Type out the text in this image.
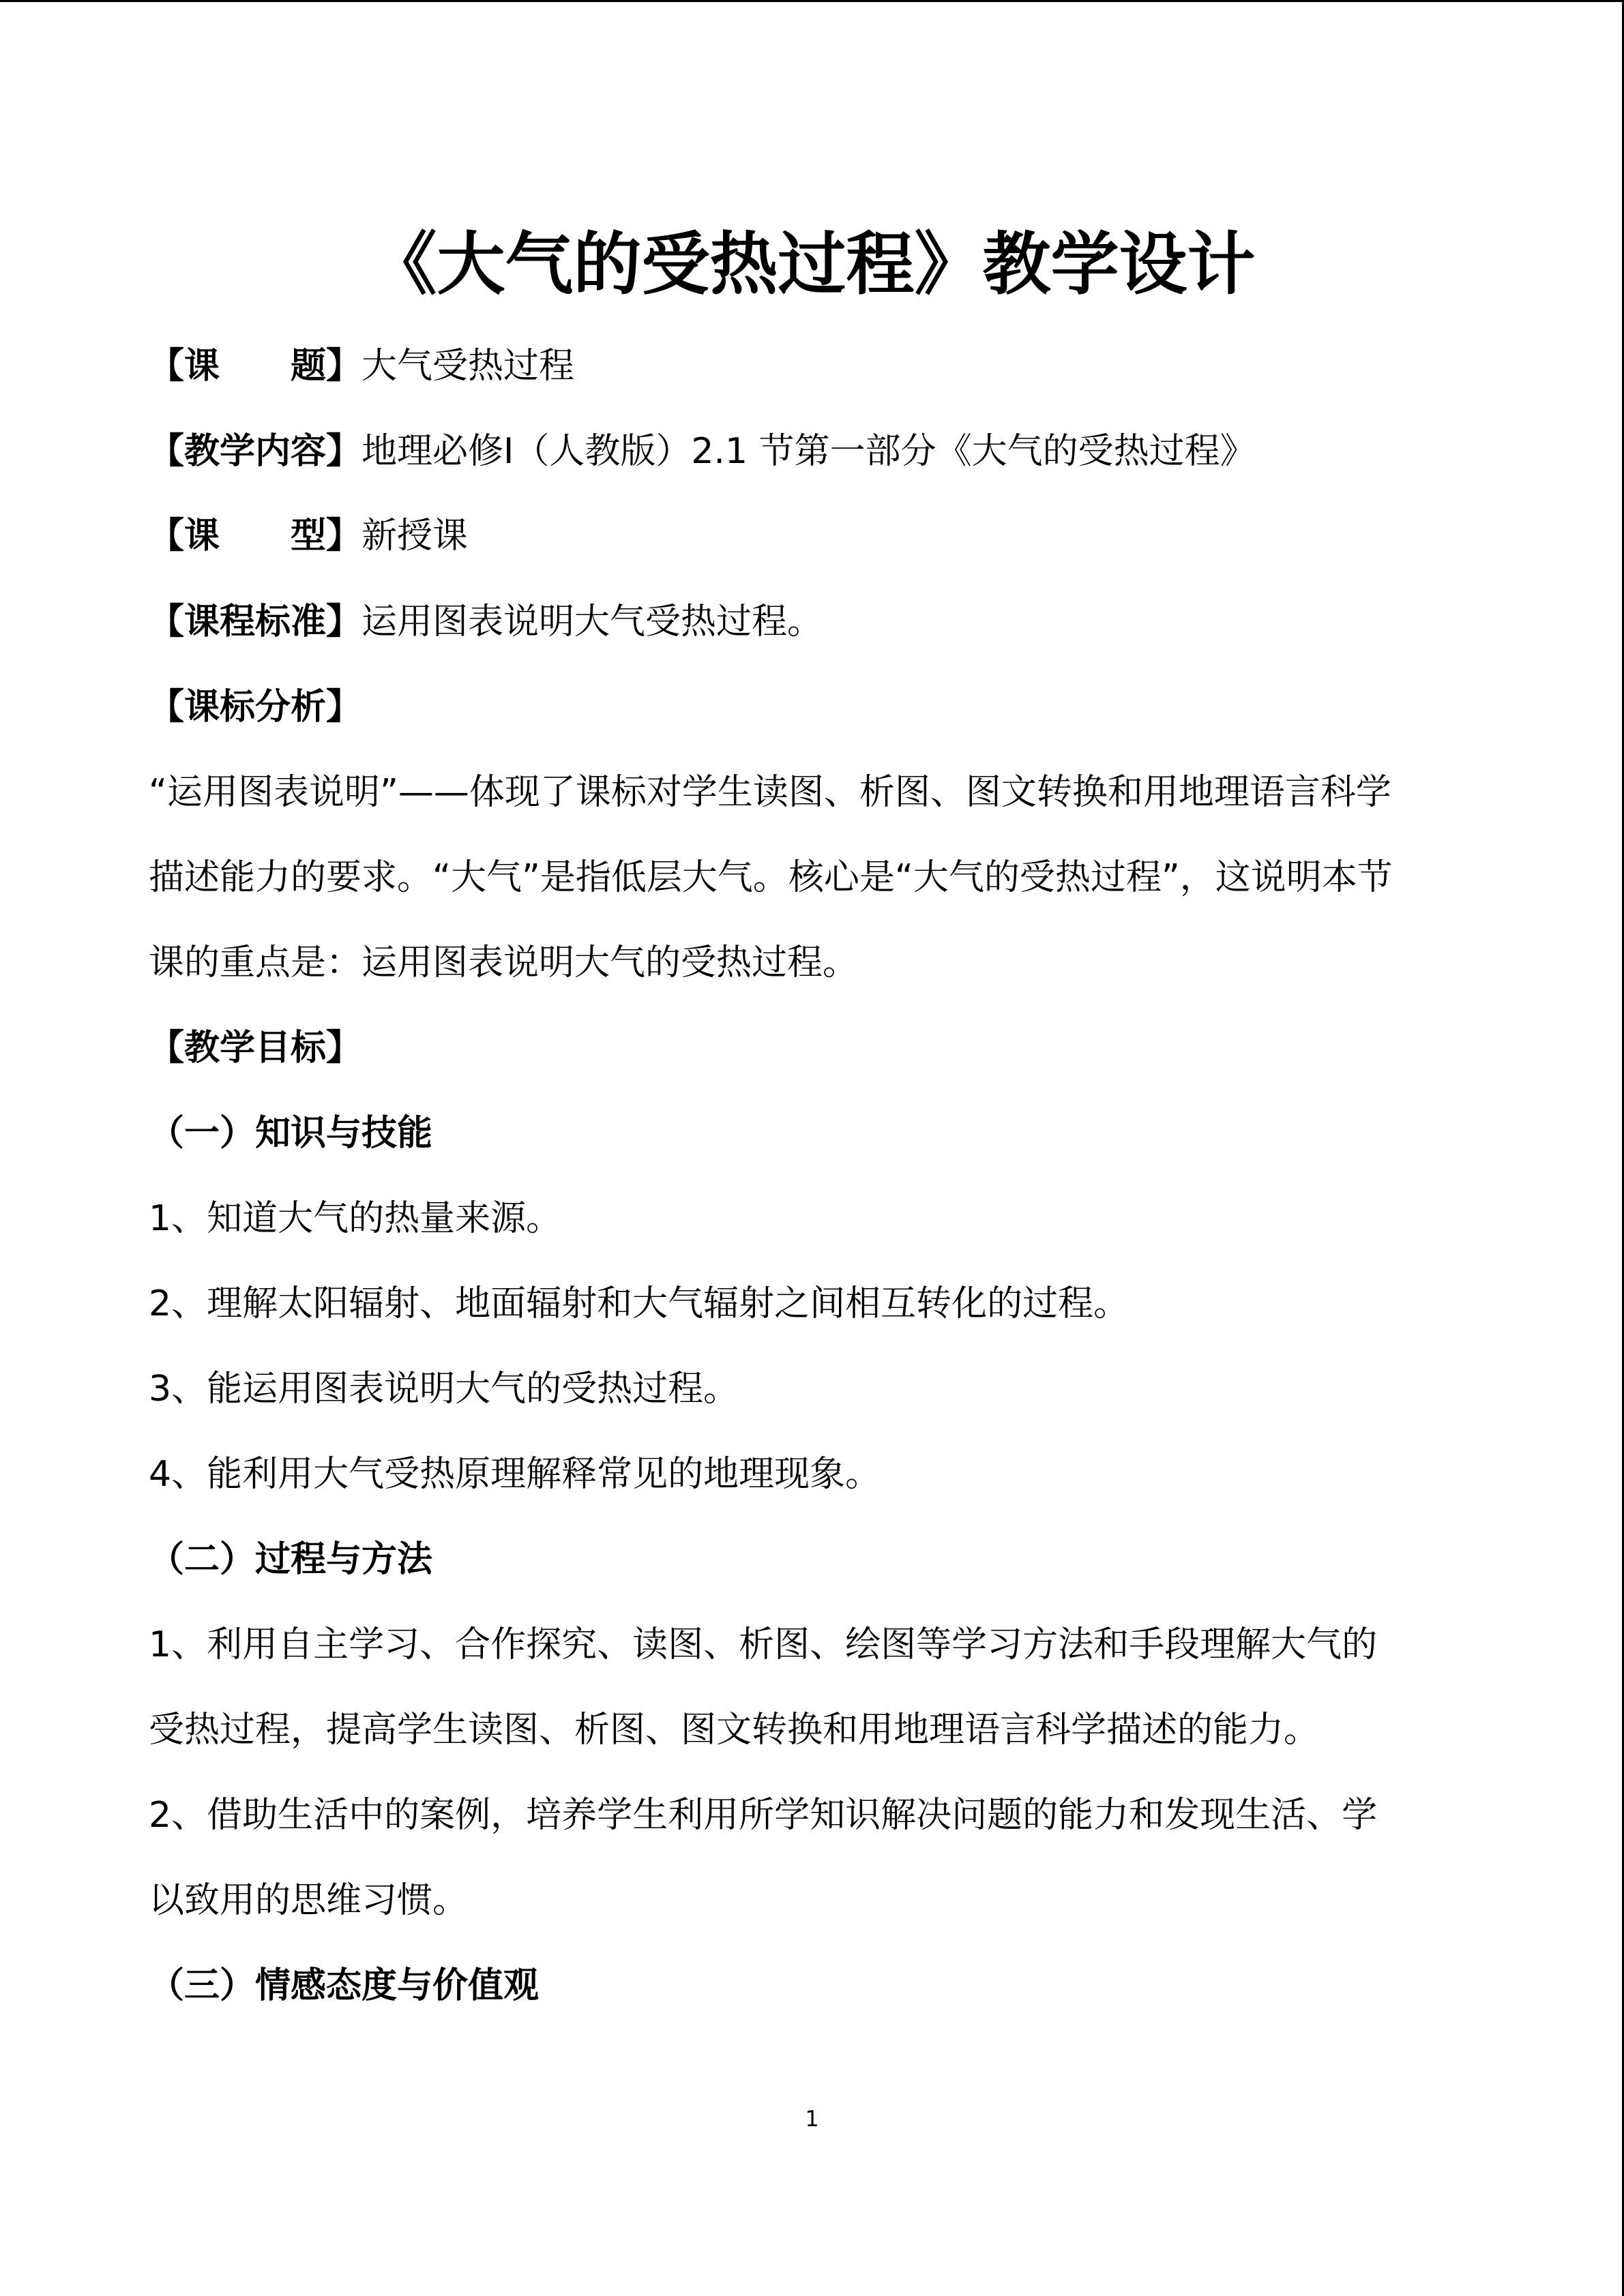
《大气的受热过程》教学设计
【课　　题】大气受热过程
【教学内容】地理必修Ⅰ（人教版）2.1 节第一部分《大气的受热过程》
【课　　型】新授课
【课程标准】运用图表说明大气受热过程。
【课标分析】
“运用图表说明”——体现了课标对学生读图、析图、图文转换和用地理语言科学
描述能力的要求。“大气”是指低层大气。核心是“大气的受热过程”，这说明本节
课的重点是：运用图表说明大气的受热过程。
【教学目标】
（一）知识与技能
1、知道大气的热量来源。
2、理解太阳辐射、地面辐射和大气辐射之间相互转化的过程。
3、能运用图表说明大气的受热过程。
4、能利用大气受热原理解释常见的地理现象。
（二）过程与方法
1、利用自主学习、合作探究、读图、析图、绘图等学习方法和手段理解大气的
受热过程，提高学生读图、析图、图文转换和用地理语言科学描述的能力。
2、借助生活中的案例，培养学生利用所学知识解决问题的能力和发现生活、学
以致用的思维习惯。
（三）情感态度与价值观
1
